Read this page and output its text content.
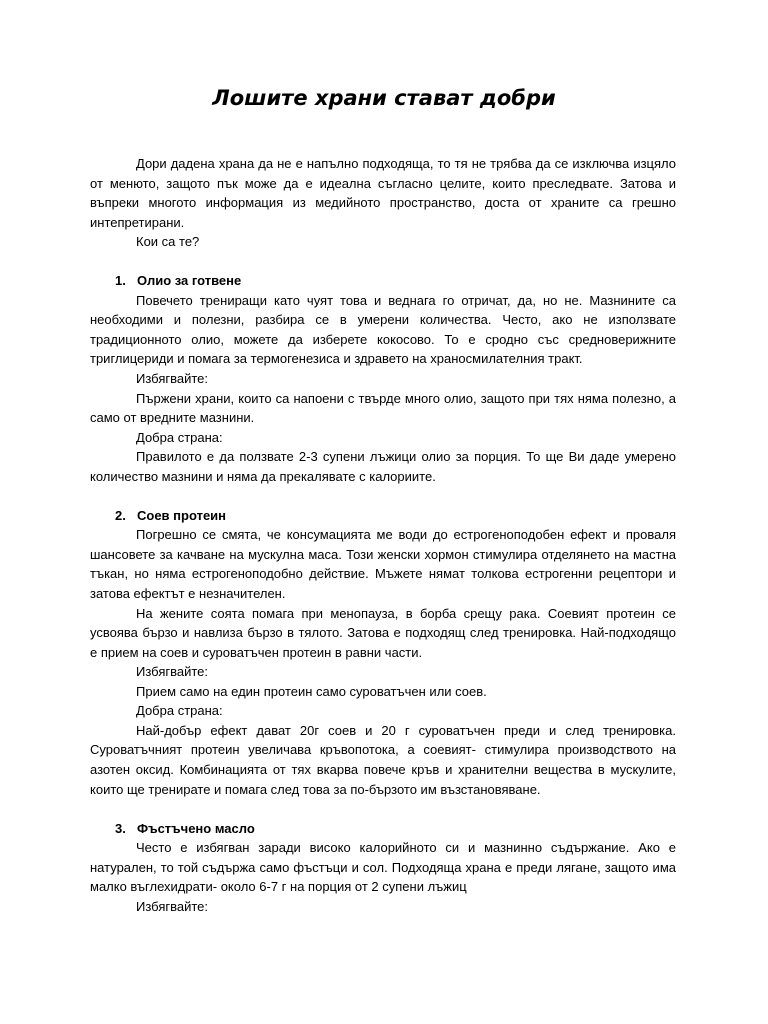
Лошите храни стават добри

Дори дадена храна да не е напълно подходяща, то тя не трябва да се изключва изцяло от менюто, защото пък може да е идеална съгласно целите, които преследвате. Затова и въпреки многото информация из медийното пространство, доста от храните са грешно интепретирани.

Кои са те?

1. Олио за готвене

Повечето трениращи като чуят това и веднага го отричат, да, но не. Мазнините са необходими и полезни, разбира се в умерени количества. Често, ако не използвате традиционното олио, можете да изберете кокосово. То е сродно със средноверижните триглицериди и помага за термогенезиса и здравето на храносмилателния тракт.

Избягвайте:

Пържени храни, които са напоени с твърде много олио, защото при тях няма полезно, а само от вредните мазнини.

Добра страна:

Правилото е да ползвате 2-3 супени лъжици олио за порция. То ще Ви даде умерено количество мазнини и няма да прекалявате с калориите.

2. Соев протеин

Погрешно се смята, че консумацията ме води до естрогеноподобен ефект и проваля шансовете за качване на мускулна маса. Този женски хормон стимулира отделянето на мастна тъкан, но няма естрогеноподобно действие. Мъжете нямат толкова естрогенни рецептори и затова ефектът е незначителен.

На жените соята помага при менопауза, в борба срещу рака. Соевият протеин се усвоява бързо и навлиза бързо в тялото. Затова е подходящ след тренировка. Най-подходящо е прием на соев и суроватъчен протеин в равни части.

Избягвайте:

Прием само на един протеин само суроватъчен или соев.

Добра страна:

Най-добър ефект дават 20г соев и 20 г суроватъчен преди и след тренировка. Суроватъчният протеин увеличава кръвопотока, а соевият- стимулира производството на азотен оксид. Комбинацията от тях вкарва повече кръв и хранителни вещества в мускулите, които ще тренирате и помага след това за по-бързото им възстановяване.

3. Фъстъчено масло

Често е избягван заради високо калорийното си и мазнинно съдържание. Ако е натурален, то той съдържа само фъстъци и сол. Подходяща храна е преди лягане, защото има малко въглехидрати- около 6-7 г на порция от 2 супени лъжиц

Избягвайте:
